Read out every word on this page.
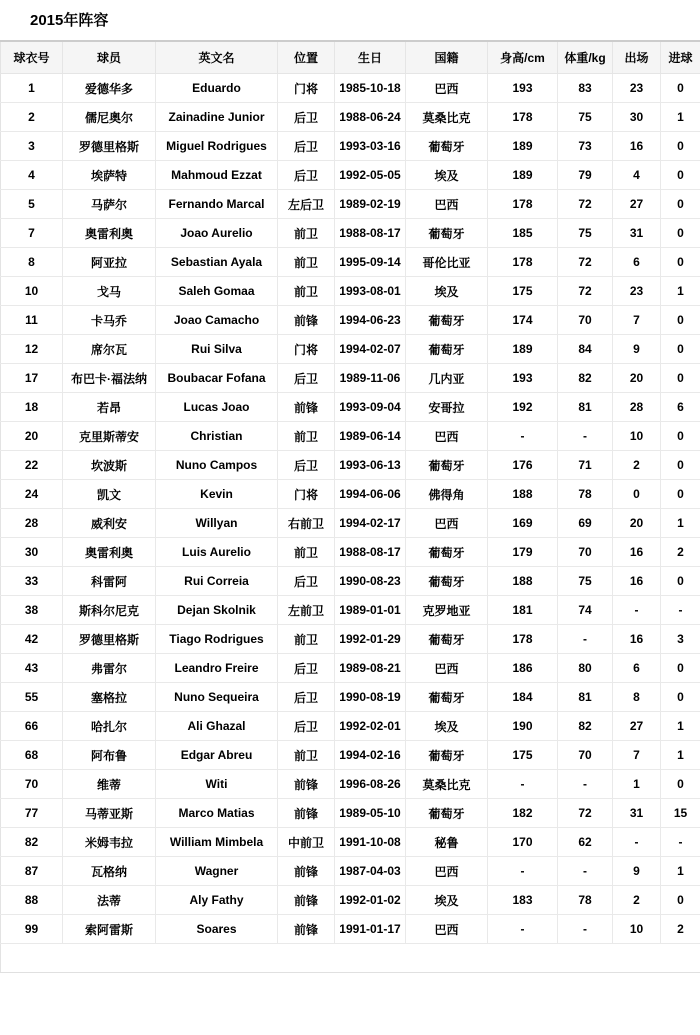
2015年阵容
球衣号	球员	英文名	位置	生日	国籍	身高/cm	体重/kg	出场	进球
1	爱德华多	Eduardo	门将	1985-10-18	巴西	193	83	23	0
2	儒尼奥尔	Zainadine Junior	后卫	1988-06-24	莫桑比克	178	75	30	1
3	罗德里格斯	Miguel Rodrigues	后卫	1993-03-16	葡萄牙	189	73	16	0
4	埃萨特	Mahmoud Ezzat	后卫	1992-05-05	埃及	189	79	4	0
5	马萨尔	Fernando Marcal	左后卫	1989-02-19	巴西	178	72	27	0
7	奥雷利奥	Joao Aurelio	前卫	1988-08-17	葡萄牙	185	75	31	0
8	阿亚拉	Sebastian Ayala	前卫	1995-09-14	哥伦比亚	178	72	6	0
10	戈马	Saleh Gomaa	前卫	1993-08-01	埃及	175	72	23	1
11	卡马乔	Joao Camacho	前锋	1994-06-23	葡萄牙	174	70	7	0
12	席尔瓦	Rui Silva	门将	1994-02-07	葡萄牙	189	84	9	0
17	布巴卡·福法纳	Boubacar Fofana	后卫	1989-11-06	几内亚	193	82	20	0
18	若昂	Lucas Joao	前锋	1993-09-04	安哥拉	192	81	28	6
20	克里斯蒂安	Christian	前卫	1989-06-14	巴西	-	-	10	0
22	坎波斯	Nuno Campos	后卫	1993-06-13	葡萄牙	176	71	2	0
24	凯文	Kevin	门将	1994-06-06	佛得角	188	78	0	0
28	威利安	Willyan	右前卫	1994-02-17	巴西	169	69	20	1
30	奥雷利奥	Luis Aurelio	前卫	1988-08-17	葡萄牙	179	70	16	2
33	科雷阿	Rui Correia	后卫	1990-08-23	葡萄牙	188	75	16	0
38	斯科尔尼克	Dejan Skolnik	左前卫	1989-01-01	克罗地亚	181	74	-	-
42	罗德里格斯	Tiago Rodrigues	前卫	1992-01-29	葡萄牙	178	-	16	3
43	弗雷尔	Leandro Freire	后卫	1989-08-21	巴西	186	80	6	0
55	塞格拉	Nuno Sequeira	后卫	1990-08-19	葡萄牙	184	81	8	0
66	哈扎尔	Ali Ghazal	后卫	1992-02-01	埃及	190	82	27	1
68	阿布鲁	Edgar Abreu	前卫	1994-02-16	葡萄牙	175	70	7	1
70	维蒂	Witi	前锋	1996-08-26	莫桑比克	-	-	1	0
77	马蒂亚斯	Marco Matias	前锋	1989-05-10	葡萄牙	182	72	31	15
82	米姆韦拉	William Mimbela	中前卫	1991-10-08	秘鲁	170	62	-	-
87	瓦格纳	Wagner	前锋	1987-04-03	巴西	-	-	9	1
88	法蒂	Aly Fathy	前锋	1992-01-02	埃及	183	78	2	0
99	索阿雷斯	Soares	前锋	1991-01-17	巴西	-	-	10	2
